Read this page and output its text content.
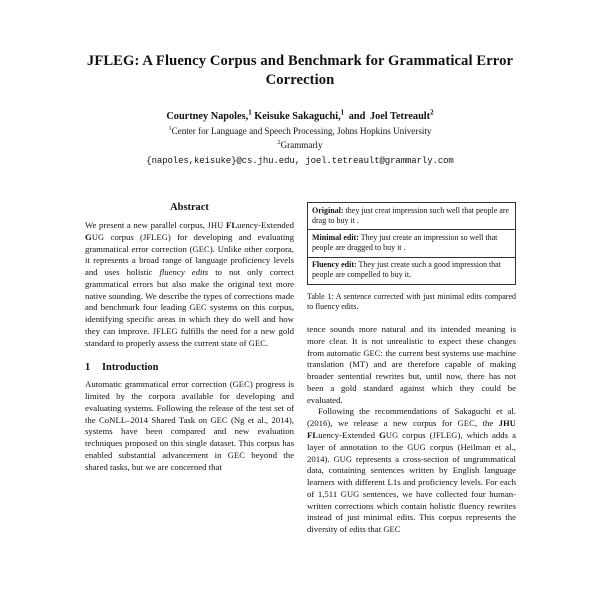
JFLEG: A Fluency Corpus and Benchmark for Grammatical Error Correction
Courtney Napoles,$^1$ Keisuke Sakaguchi,$^1$ and Joel Tetreault$^2$
$^1$Center for Language and Speech Processing, Johns Hopkins University
$^2$Grammarly
{napoles,keisuke}@cs.jhu.edu, joel.tetreault@grammarly.com
Abstract

We present a new parallel corpus, JHU FLuency-Extended GUG corpus (JFLEG) for developing and evaluating grammatical error correction (GEC). Unlike other corpora, it represents a broad range of language proficiency levels and uses holistic fluency edits to not only correct grammatical errors but also make the original text more native sounding. We describe the types of corrections made and benchmark four leading GEC systems on this corpus, identifying specific areas in which they do well and how they can improve. JFLEG fulfills the need for a new gold standard to properly assess the current state of GEC.

1 Introduction

Automatic grammatical error correction (GEC) progress is limited by the corpora available for developing and evaluating systems. Following the release of the test set of the CoNLL–2014 Shared Task on GEC (Ng et al., 2014), systems have been compared and new evaluation techniques proposed on this single dataset. This corpus has enabled substantial advancement in GEC beyond the shared tasks, but we are concerned that

Original: they just creat impression such well that people are drag to buy it .
Minimal edit: They just create an impression so well that people are dragged to buy it .
Fluency edit: They just create such a good impression that people are compelled to buy it.

Table 1: A sentence corrected with just minimal edits compared to fluency edits.

tence sounds more natural and its intended meaning is more clear. It is not unrealistic to expect these changes from automatic GEC: the current best systems use machine translation (MT) and are therefore capable of making broader sentential rewrites but, until now, there has not been a gold standard against which they could be evaluated.

Following the recommendations of Sakaguchi et al. (2016), we release a new corpus for GEC, the JHU FLuency-Extended GUG corpus (JFLEG), which adds a layer of annotation to the GUG corpus (Heilman et al., 2014). GUG represents a cross-section of ungrammatical data, containing sentences written by English language learners with different L1s and proficiency levels. For each of 1,511 GUG sentences, we have collected four human-written corrections which contain holistic fluency rewrites instead of just minimal edits. This corpus represents the diversity of edits that GEC
